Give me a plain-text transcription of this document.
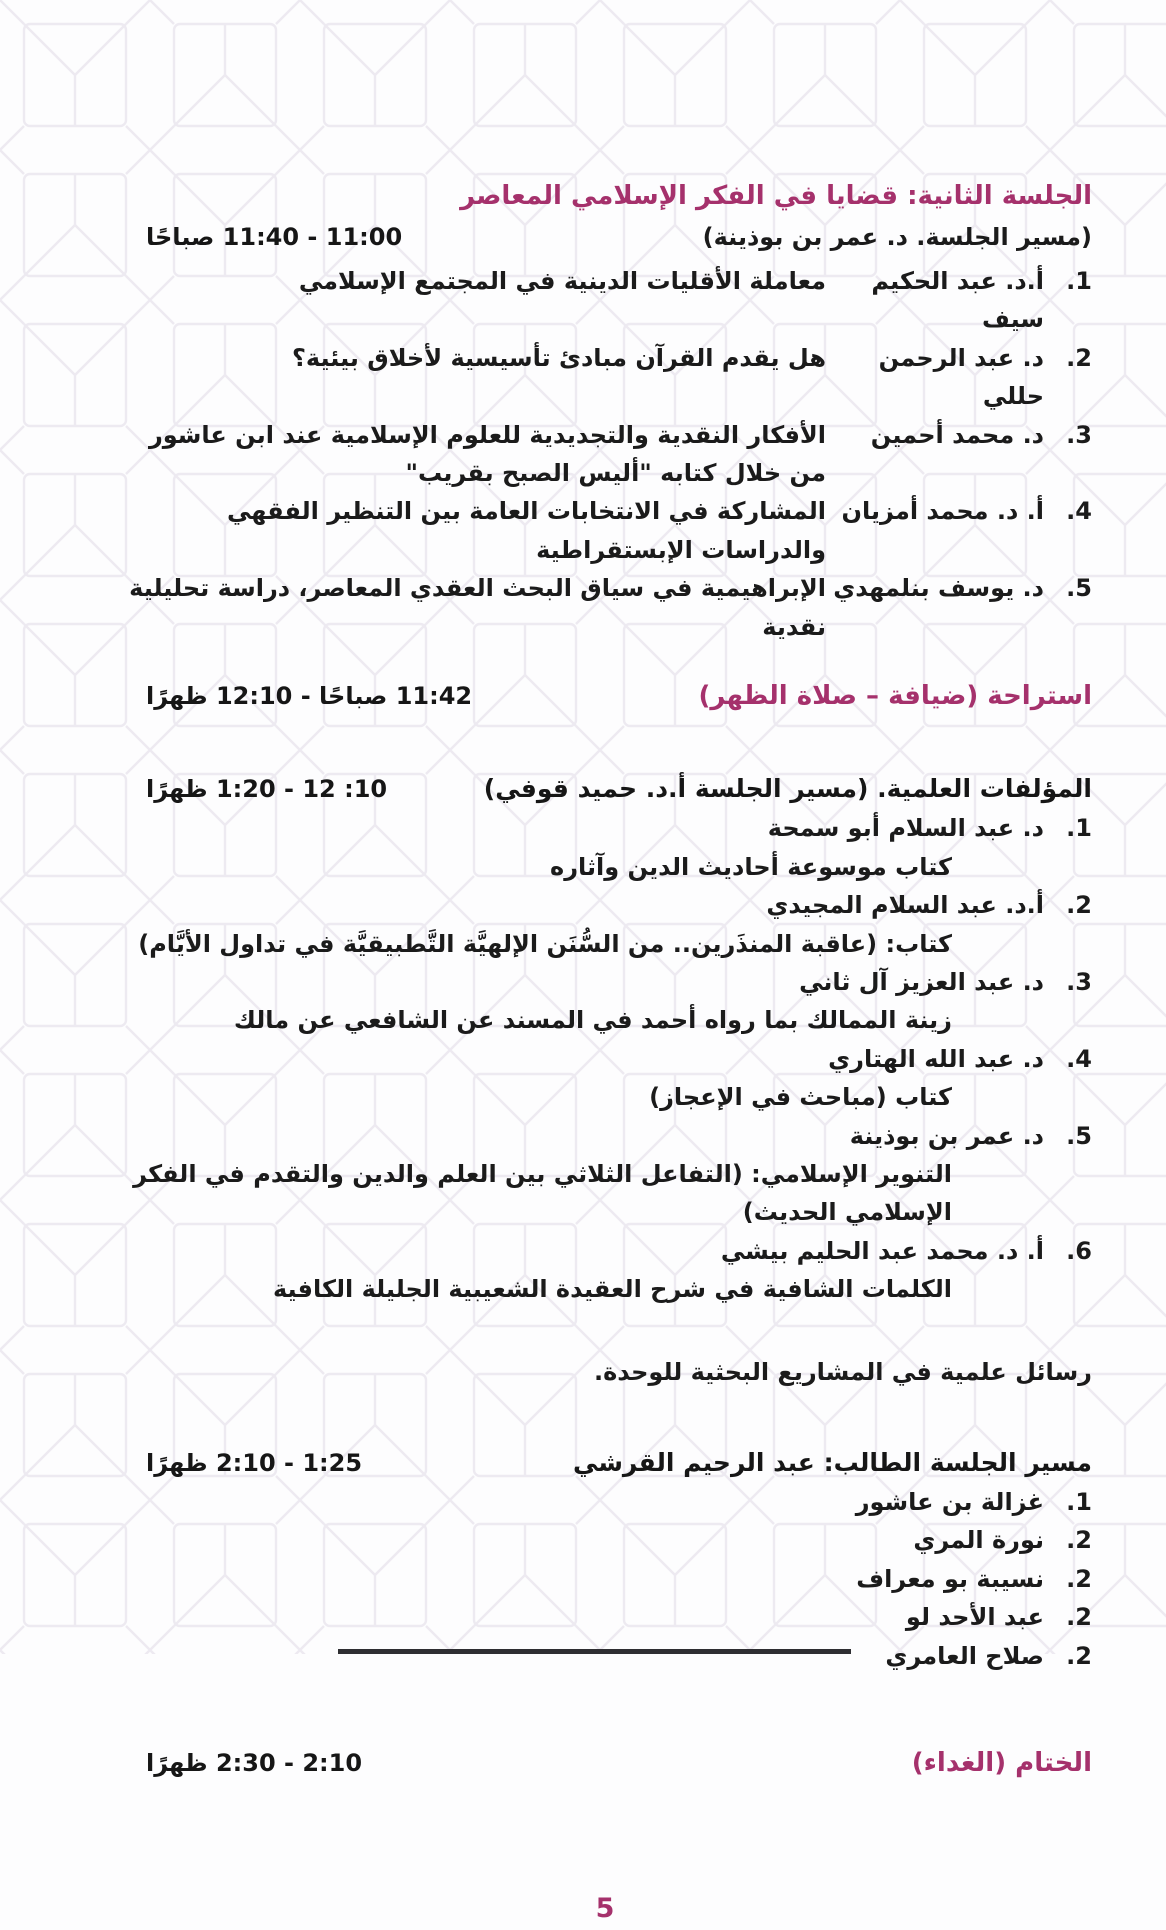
الجلسة الثانية: قضايا في الفكر الإسلامي المعاصر
(مسير الجلسة. د. عمر بن بوذينة)
11:00 - 11:40 صباحًا
1.
أ.د. عبد الحكيم سيف
معاملة الأقليات الدينية في المجتمع الإسلامي
2.
د. عبد الرحمن حللي
هل يقدم القرآن مبادئ تأسيسية لأخلاق بيئية؟
3.
د. محمد أحمين
الأفكار النقدية والتجديدية للعلوم الإسلامية عند ابن عاشور من خلال كتابه "أليس الصبح بقريب"
4.
أ. د. محمد أمزيان
المشاركة في الانتخابات العامة بين التنظير الفقهي والدراسات الإبستقراطية
5.
د. يوسف بنلمهدي
الإبراهيمية في سياق البحث العقدي المعاصر، دراسة تحليلية نقدية
استراحة (ضيافة – صلاة الظهر)
11:42 صباحًا - 12:10 ظهرًا
المؤلفات العلمية. (مسير الجلسة أ.د. حميد قوفي)
10: 12 - 1:20 ظهرًا
1.
د. عبد السلام أبو سمحة
كتاب موسوعة أحاديث الدين وآثاره
2.
أ.د. عبد السلام المجيدي
كتاب: (عاقبة المنذَرين.. من السُّنَن الإلهيَّة التَّطبيقيَّة في تداول الأيَّام)
3.
د. عبد العزيز آل ثاني
زينة الممالك بما رواه أحمد في المسند عن الشافعي عن مالك
4.
د. عبد الله الهتاري
كتاب (مباحث في الإعجاز)
5.
د. عمر بن بوذينة
التنوير الإسلامي: (التفاعل الثلاثي بين العلم والدين والتقدم في الفكر الإسلامي الحديث)
6.
أ. د. محمد عبد الحليم بيشي
الكلمات الشافية في شرح العقيدة الشعيبية الجليلة الكافية
رسائل علمية في المشاريع البحثية للوحدة.
مسير الجلسة الطالب: عبد الرحيم القرشي
1:25 - 2:10 ظهرًا
1.
غزالة بن عاشور
2.
نورة المري
2.
نسيبة بو معراف
2.
عبد الأحد لو
2.
صلاح العامري
الختام (الغداء)
2:10 - 2:30 ظهرًا
5
